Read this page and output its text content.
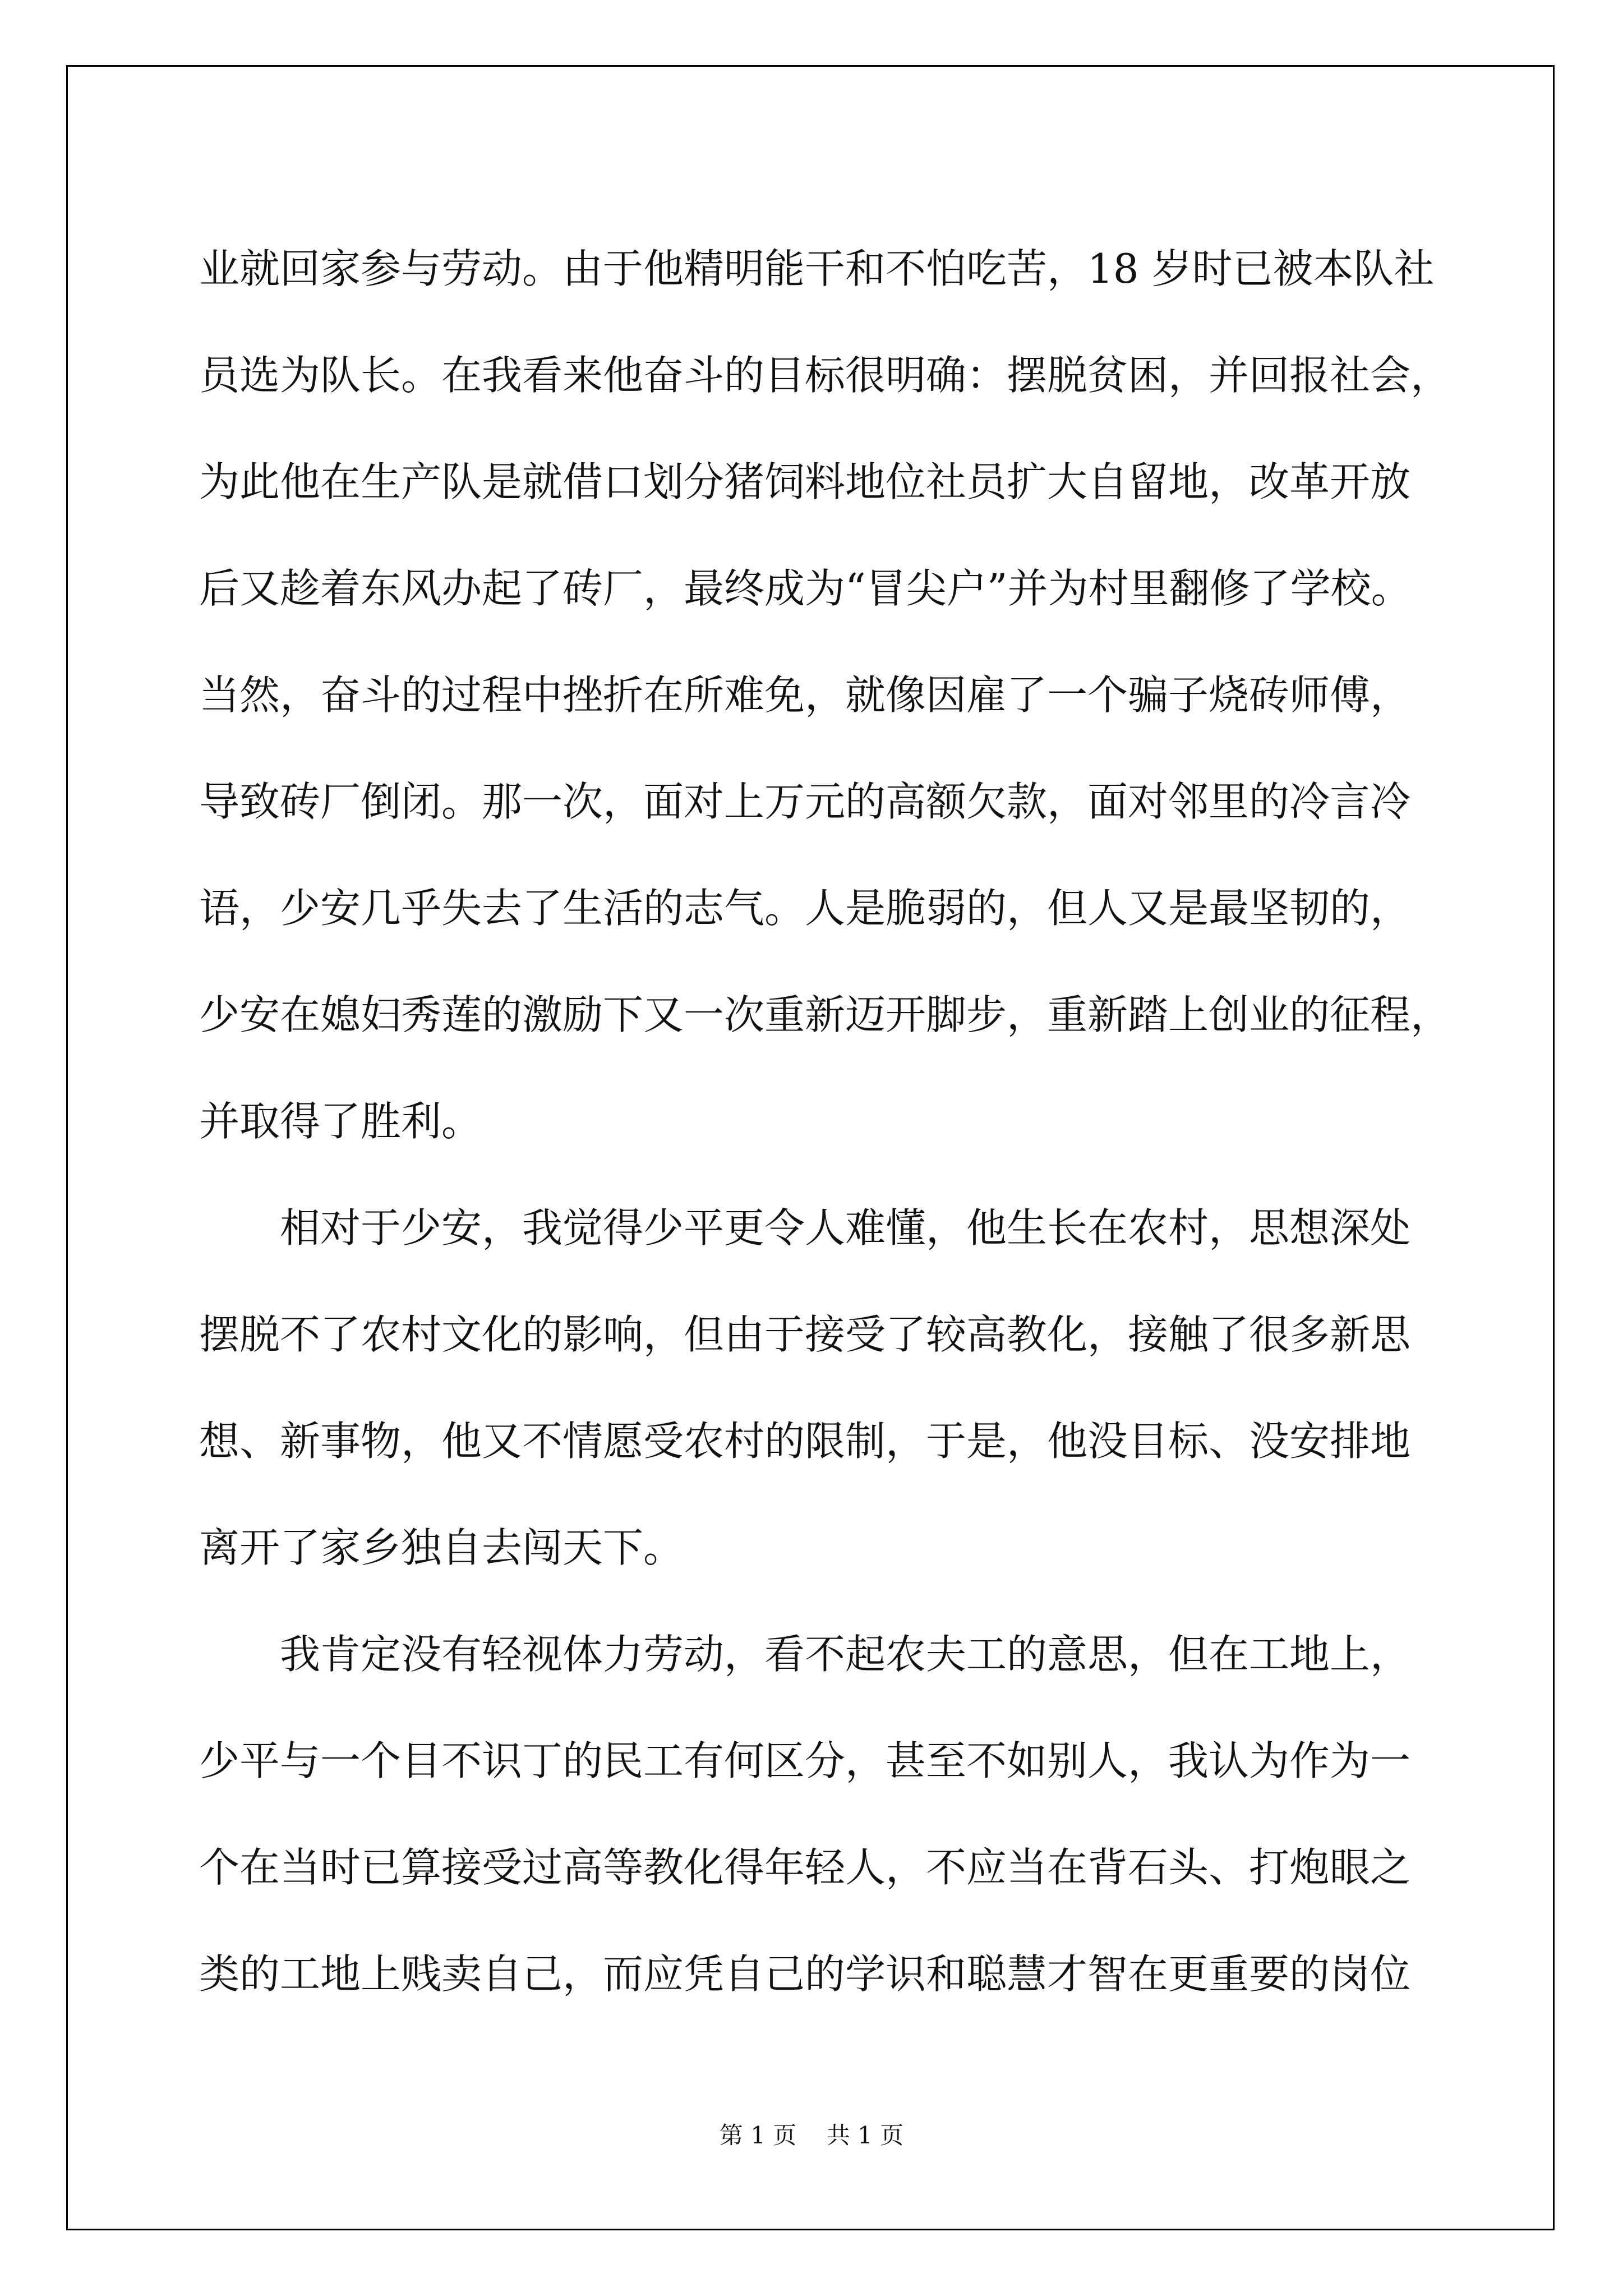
业就回家参与劳动。由于他精明能干和不怕吃苦，18 岁时已被本队社
员选为队长。在我看来他奋斗的目标很明确：摆脱贫困，并回报社会，
为此他在生产队是就借口划分猪饲料地位社员扩大自留地，改革开放
后又趁着东风办起了砖厂，最终成为“冒尖户”并为村里翻修了学校。
当然，奋斗的过程中挫折在所难免，就像因雇了一个骗子烧砖师傅，
导致砖厂倒闭。那一次，面对上万元的高额欠款，面对邻里的冷言冷
语，少安几乎失去了生活的志气。人是脆弱的，但人又是最坚韧的，
少安在媳妇秀莲的激励下又一次重新迈开脚步，重新踏上创业的征程，
并取得了胜利。
相对于少安，我觉得少平更令人难懂，他生长在农村，思想深处
摆脱不了农村文化的影响，但由于接受了较高教化，接触了很多新思
想、新事物，他又不情愿受农村的限制，于是，他没目标、没安排地
离开了家乡独自去闯天下。
我肯定没有轻视体力劳动，看不起农夫工的意思，但在工地上，
少平与一个目不识丁的民工有何区分，甚至不如别人，我认为作为一
个在当时已算接受过高等教化得年轻人，不应当在背石头、打炮眼之
类的工地上贱卖自己，而应凭自己的学识和聪慧才智在更重要的岗位
第 1 页    共 1 页
